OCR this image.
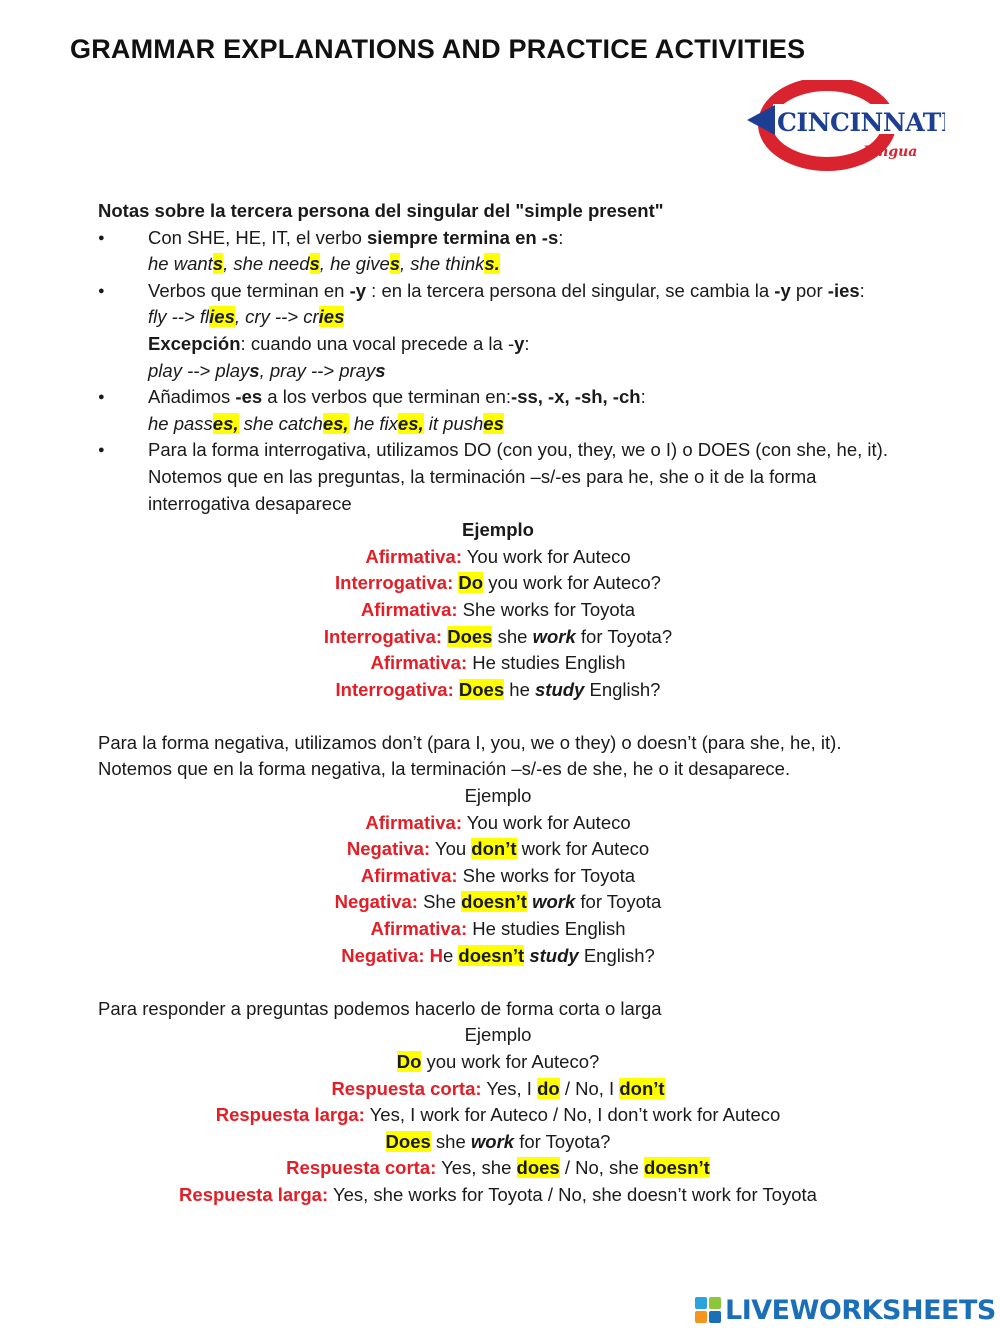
GRAMMAR EXPLANATIONS AND PRACTICE ACTIVITIES
CINCINNATI
Lingua

Notas sobre la tercera persona del singular del "simple present"

● Con SHE, HE, IT, el verbo siempre termina en -s:
he wants, she needs, he gives, she thinks.
● Verbos que terminan en -y : en la tercera persona del singular, se cambia la -y por -ies:
fly --> flies, cry --> cries
Excepción: cuando una vocal precede a la -y:
play --> plays, pray --> prays
● Añadimos -es a los verbos que terminan en:-ss, -x, -sh, -ch:
he passes, she catches, he fixes, it pushes
● Para la forma interrogativa, utilizamos DO (con you, they, we o I) o DOES (con she, he, it). Notemos que en las preguntas, la terminación –s/-es para he, she o it de la forma interrogativa desaparece

Ejemplo

Afirmativa: You work for Auteco

Interrogativa: Do you work for Auteco?

Afirmativa: She works for Toyota

Interrogativa: Does she work for Toyota?

Afirmativa: He studies English

Interrogativa: Does he study English?

Para la forma negativa, utilizamos don’t (para I, you, we o they) o doesn’t (para she, he, it). Notemos que en la forma negativa, la terminación –s/-es de she, he o it desaparece.

Ejemplo

Afirmativa: You work for Auteco

Negativa: You don’t work for Auteco

Afirmativa: She works for Toyota

Negativa: She doesn’t work for Toyota

Afirmativa: He studies English

Negativa: He doesn’t study English?

Para responder a preguntas podemos hacerlo de forma corta o larga

Ejemplo

Do you work for Auteco?

Respuesta corta: Yes, I do / No, I don’t

Respuesta larga: Yes, I work for Auteco / No, I don’t work for Auteco

Does she work for Toyota?

Respuesta corta: Yes, she does / No, she doesn’t

Respuesta larga: Yes, she works for Toyota / No, she doesn’t work for Toyota

LIVEWORKSHEETS
